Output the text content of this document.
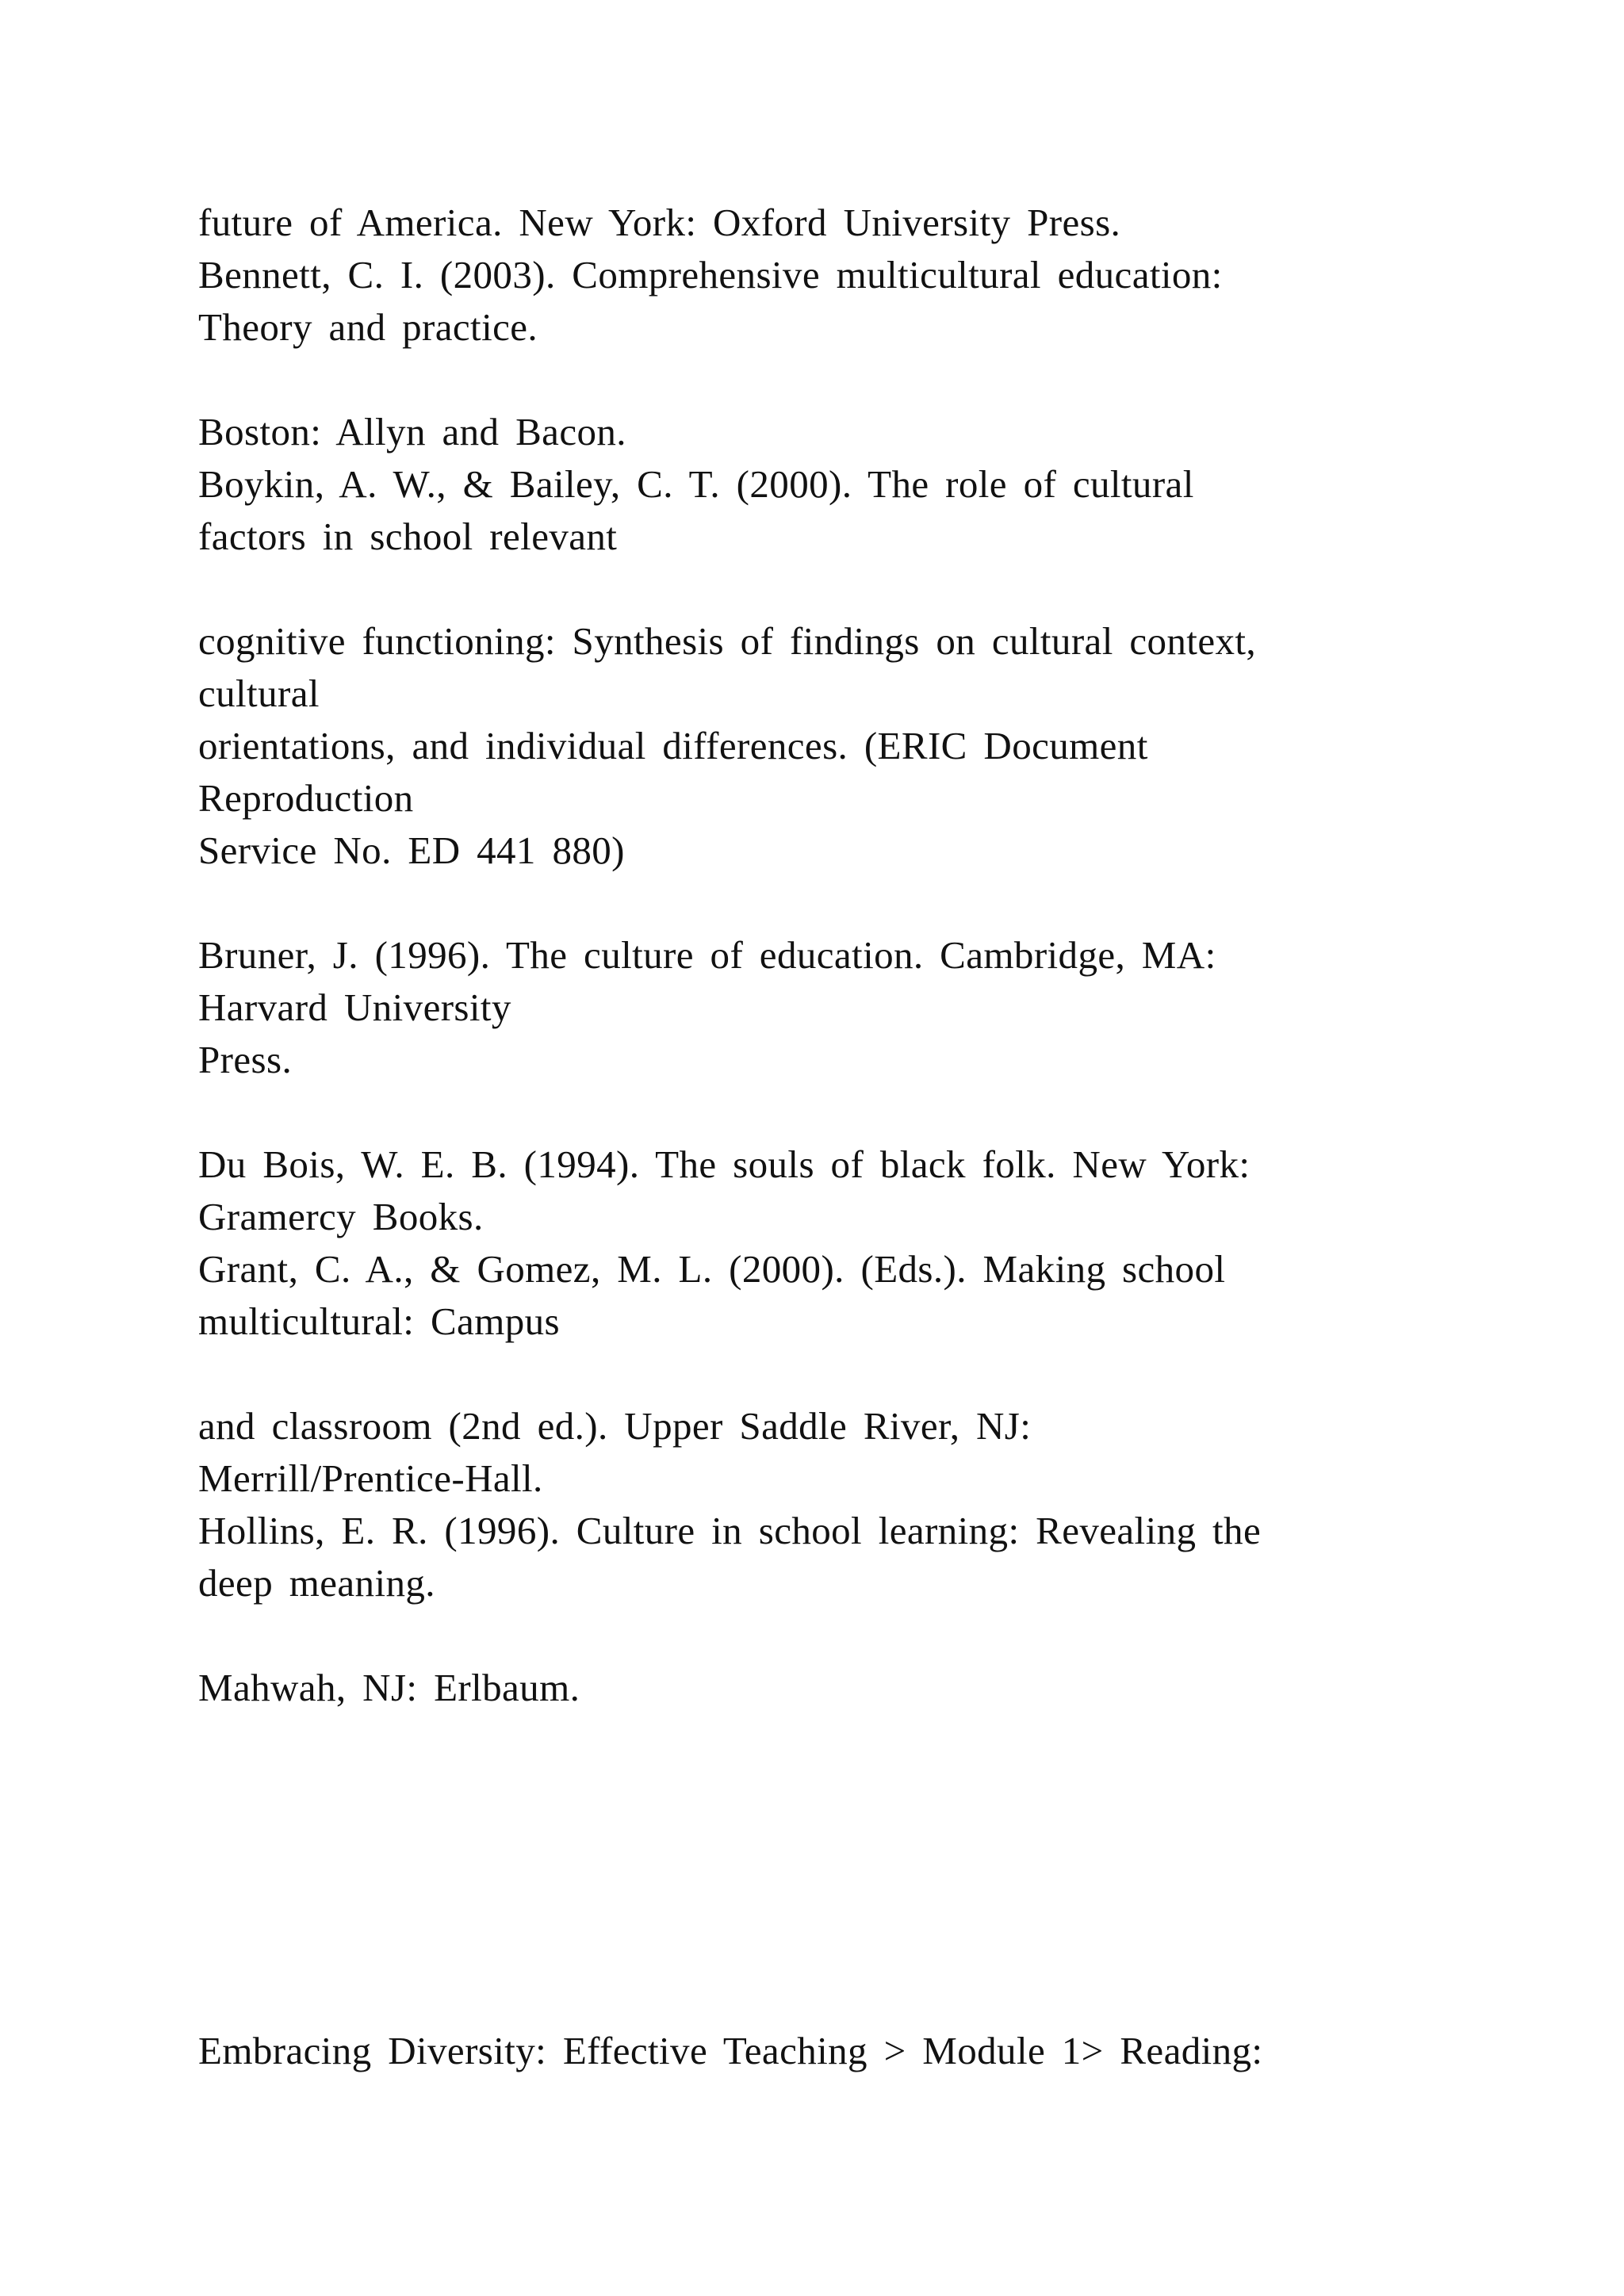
future of America. New York: Oxford University Press.
Bennett, C. I. (2003). Comprehensive multicultural education:
Theory and practice.
Boston: Allyn and Bacon.
Boykin, A. W., & Bailey, C. T. (2000). The role of cultural
factors in school relevant
cognitive functioning: Synthesis of findings on cultural context,
cultural
orientations, and individual differences. (ERIC Document
Reproduction
Service No. ED 441 880)
Bruner, J. (1996). The culture of education. Cambridge, MA:
Harvard University
Press.
Du Bois, W. E. B. (1994). The souls of black folk. New York:
Gramercy Books.
Grant, C. A., & Gomez, M. L. (2000). (Eds.). Making school
multicultural: Campus
and classroom (2nd ed.). Upper Saddle River, NJ:
Merrill/Prentice-Hall.
Hollins, E. R. (1996). Culture in school learning: Revealing the
deep meaning.
Mahwah, NJ: Erlbaum.
Embracing Diversity: Effective Teaching > Module 1> Reading:
